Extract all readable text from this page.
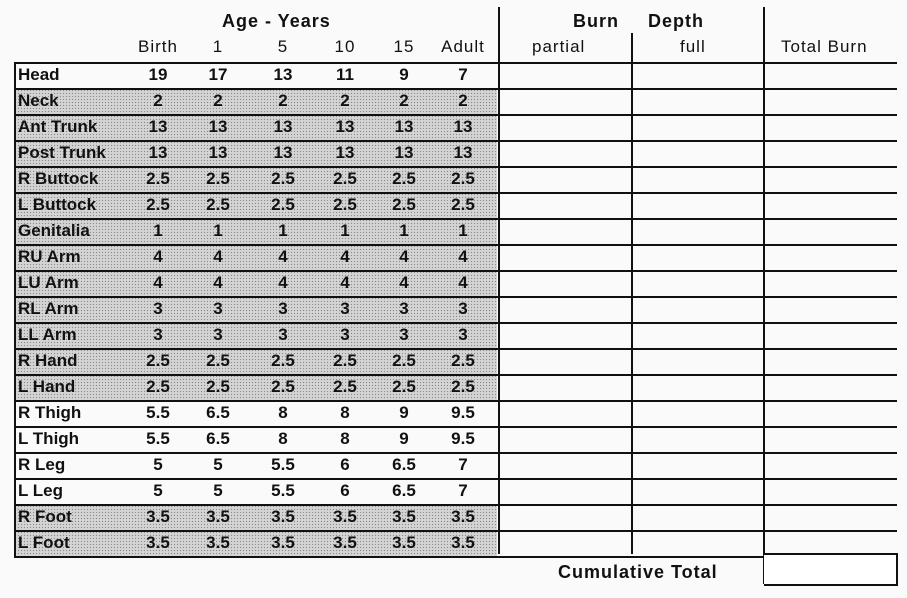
Age - Years	Burn Depth
Birth	1	5	10	15	Adult	partial	full	Total Burn
Head	19	17	13	11	9	7
Neck	2	2	2	2	2	2
Ant Trunk	13	13	13	13	13	13
Post Trunk	13	13	13	13	13	13
R Buttock	2.5	2.5	2.5	2.5	2.5	2.5
L Buttock	2.5	2.5	2.5	2.5	2.5	2.5
Genitalia	1	1	1	1	1	1
RU Arm	4	4	4	4	4	4
LU Arm	4	4	4	4	4	4
RL Arm	3	3	3	3	3	3
LL Arm	3	3	3	3	3	3
R Hand	2.5	2.5	2.5	2.5	2.5	2.5
L Hand	2.5	2.5	2.5	2.5	2.5	2.5
R Thigh	5.5	6.5	8	8	9	9.5
L Thigh	5.5	6.5	8	8	9	9.5
R Leg	5	5	5.5	6	6.5	7
L Leg	5	5	5.5	6	6.5	7
R Foot	3.5	3.5	3.5	3.5	3.5	3.5
L Foot	3.5	3.5	3.5	3.5	3.5	3.5
Cumulative Total
